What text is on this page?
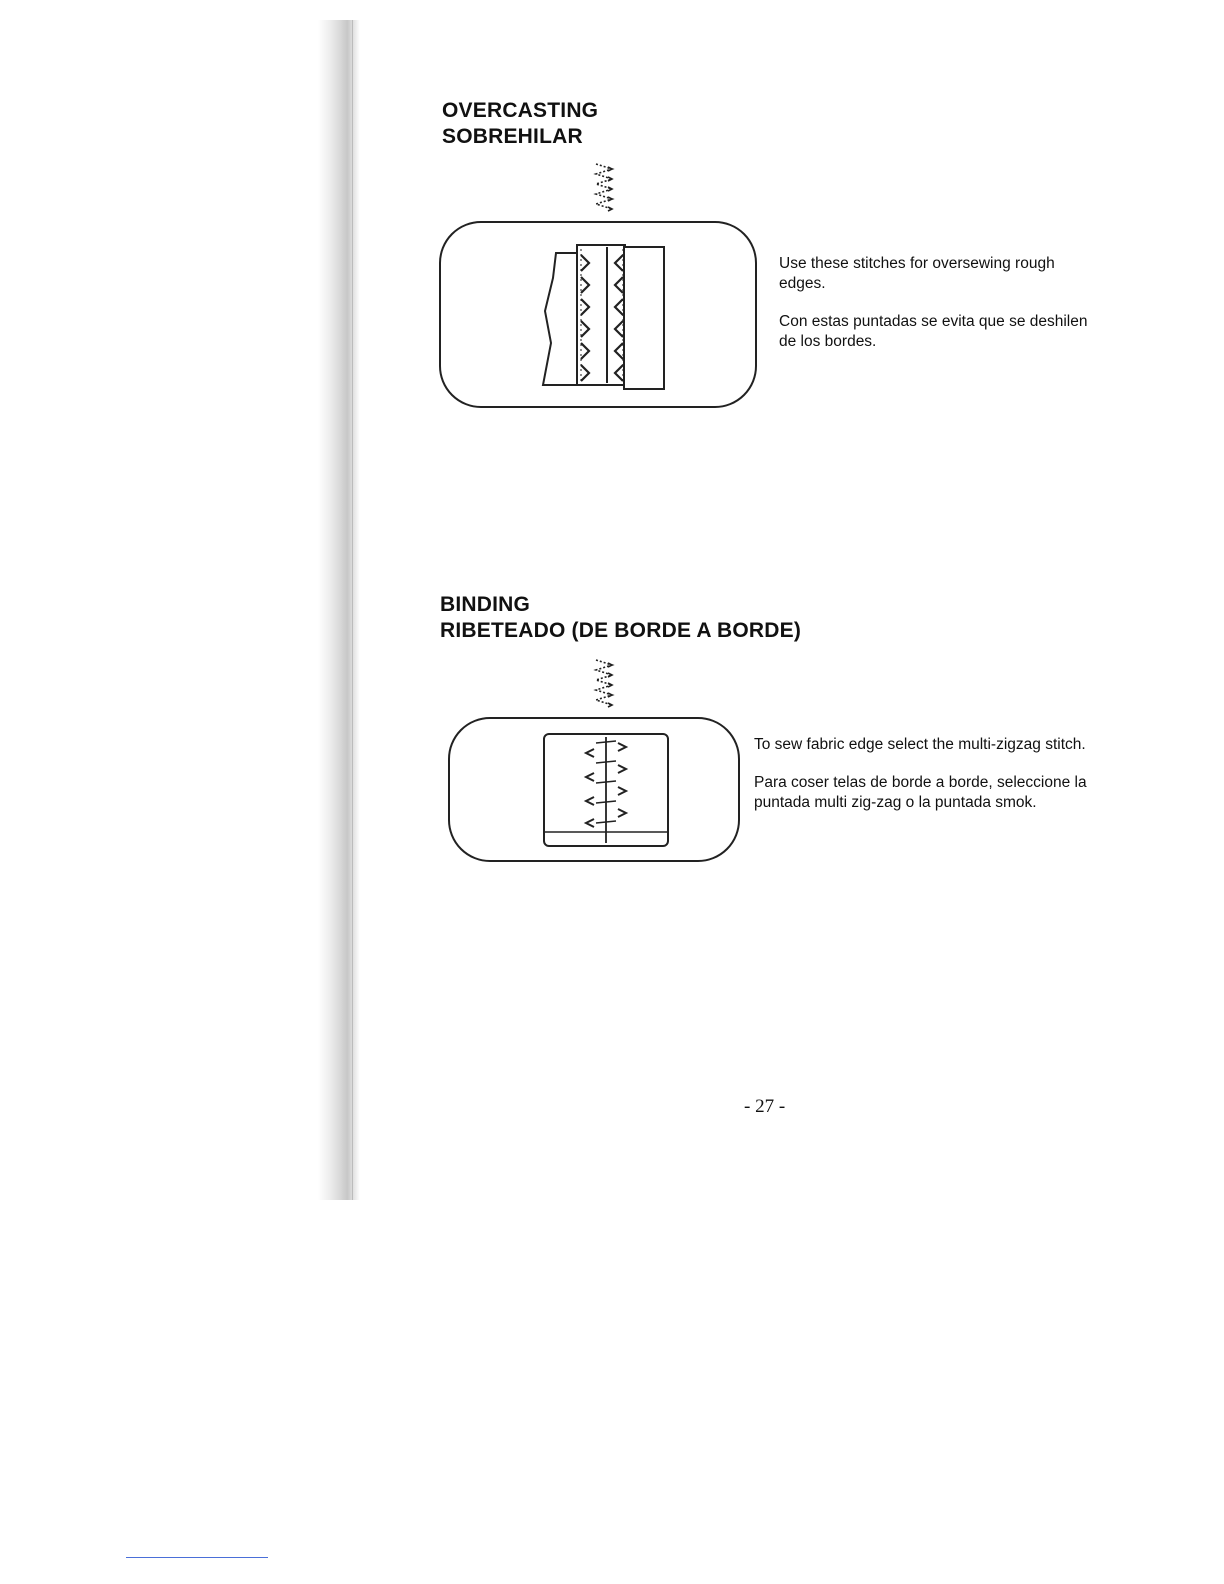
OVERCASTING
SOBREHILAR

Use these stitches for oversewing rough edges.

Con estas puntadas se evita que se deshilen de los bordes.

BINDING
RIBETEADO (DE BORDE A BORDE)

To sew fabric edge select the multi-zigzag stitch.

Para coser telas de borde a borde, seleccione la puntada multi zig-zag o la puntada smok.

- 27 -
